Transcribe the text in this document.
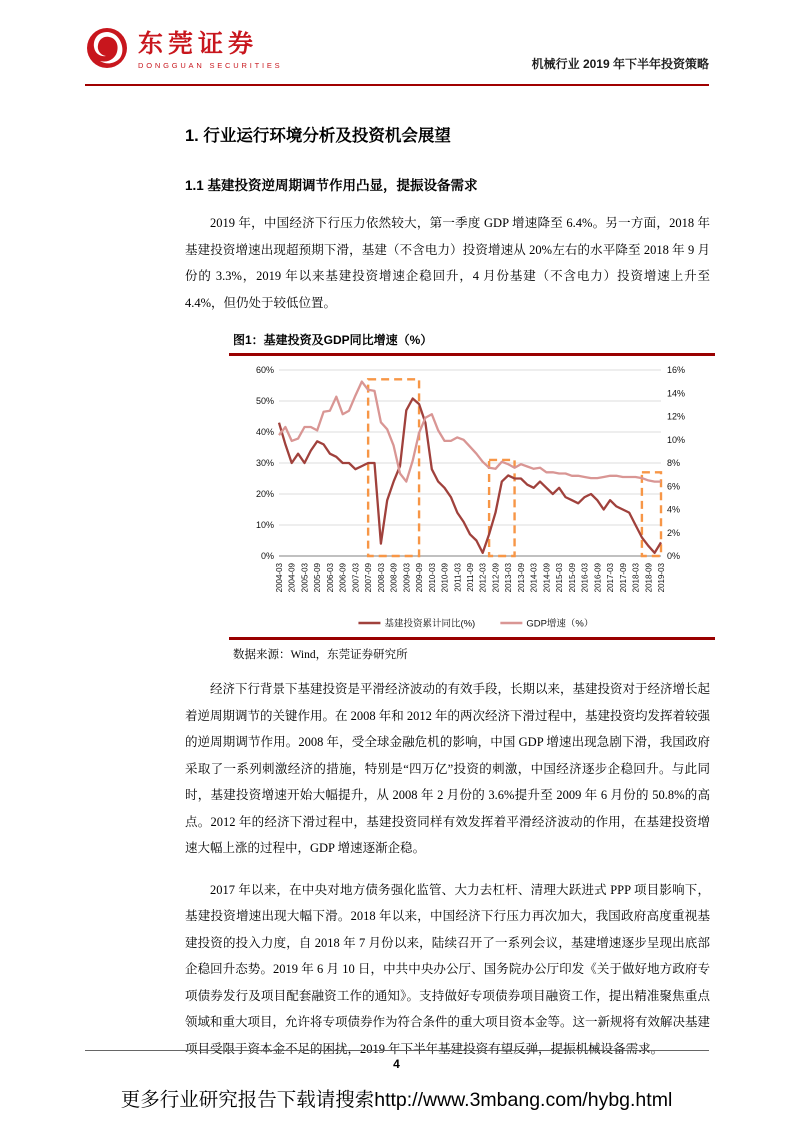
东莞证券
DONGGUAN SECURITIES	机械行业 2019 年下半年投资策略
1. 行业运行环境分析及投资机会展望
1.1 基建投资逆周期调节作用凸显，提振设备需求

2019 年，中国经济下行压力依然较大，第一季度 GDP 增速降至 6.4%。另一方面，2018 年基建投资增速出现超预期下滑，基建（不含电力）投资增速从 20%左右的水平降至 2018 年 9 月份的 3.3%，2019 年以来基建投资增速企稳回升，4 月份基建（不含电力）投资增速上升至 4.4%，但仍处于较低位置。

图1：基建投资及GDP同比增速（%）
0%
10%
20%
30%
40%
50%
60%
0%
2%
4%
6%
8%
10%
12%
14%
16%
2004-03 2004-09 2005-03 2005-09 2006-03 2006-09 2007-03 2007-09 2008-03 2008-09 2009-03 2009-09 2010-03 2010-09 2011-03 2011-09 2012-03 2012-09 2013-03 2013-09 2014-03 2014-09 2015-03 2015-09 2016-03 2016-09 2017-03 2017-09 2018-03 2018-09 2019-03
基建投资累计同比(%)	GDP增速（%）
数据来源：Wind，东莞证券研究所

经济下行背景下基建投资是平滑经济波动的有效手段，长期以来，基建投资对于经济增长起着逆周期调节的关键作用。在 2008 年和 2012 年的两次经济下滑过程中，基建投资均发挥着较强的逆周期调节作用。2008 年，受全球金融危机的影响，中国 GDP 增速出现急剧下滑，我国政府采取了一系列刺激经济的措施，特别是“四万亿”投资的刺激，中国经济逐步企稳回升。与此同时，基建投资增速开始大幅提升，从 2008 年 2 月份的 3.6%提升至 2009 年 6 月份的 50.8%的高点。2012 年的经济下滑过程中，基建投资同样有效发挥着平滑经济波动的作用，在基建投资增速大幅上涨的过程中，GDP 增速逐渐企稳。

2017 年以来，在中央对地方债务强化监管、大力去杠杆、清理大跃进式 PPP 项目影响下，基建投资增速出现大幅下滑。2018 年以来，中国经济下行压力再次加大，我国政府高度重视基建投资的投入力度，自 2018 年 7 月份以来，陆续召开了一系列会议，基建增速逐步呈现出底部企稳回升态势。2019 年 6 月 10 日，中共中央办公厅、国务院办公厅印发《关于做好地方政府专项债券发行及项目配套融资工作的通知》。支持做好专项债券项目融资工作，提出精准聚焦重点领域和重大项目，允许将专项债券作为符合条件的重大项目资本金等。这一新规将有效解决基建项目受限于资本金不足的困扰，2019 年下半年基建投资有望反弹，提振机械设备需求。

4
更多行业研究报告下载请搜索http://www.3mbang.com/hybg.html
